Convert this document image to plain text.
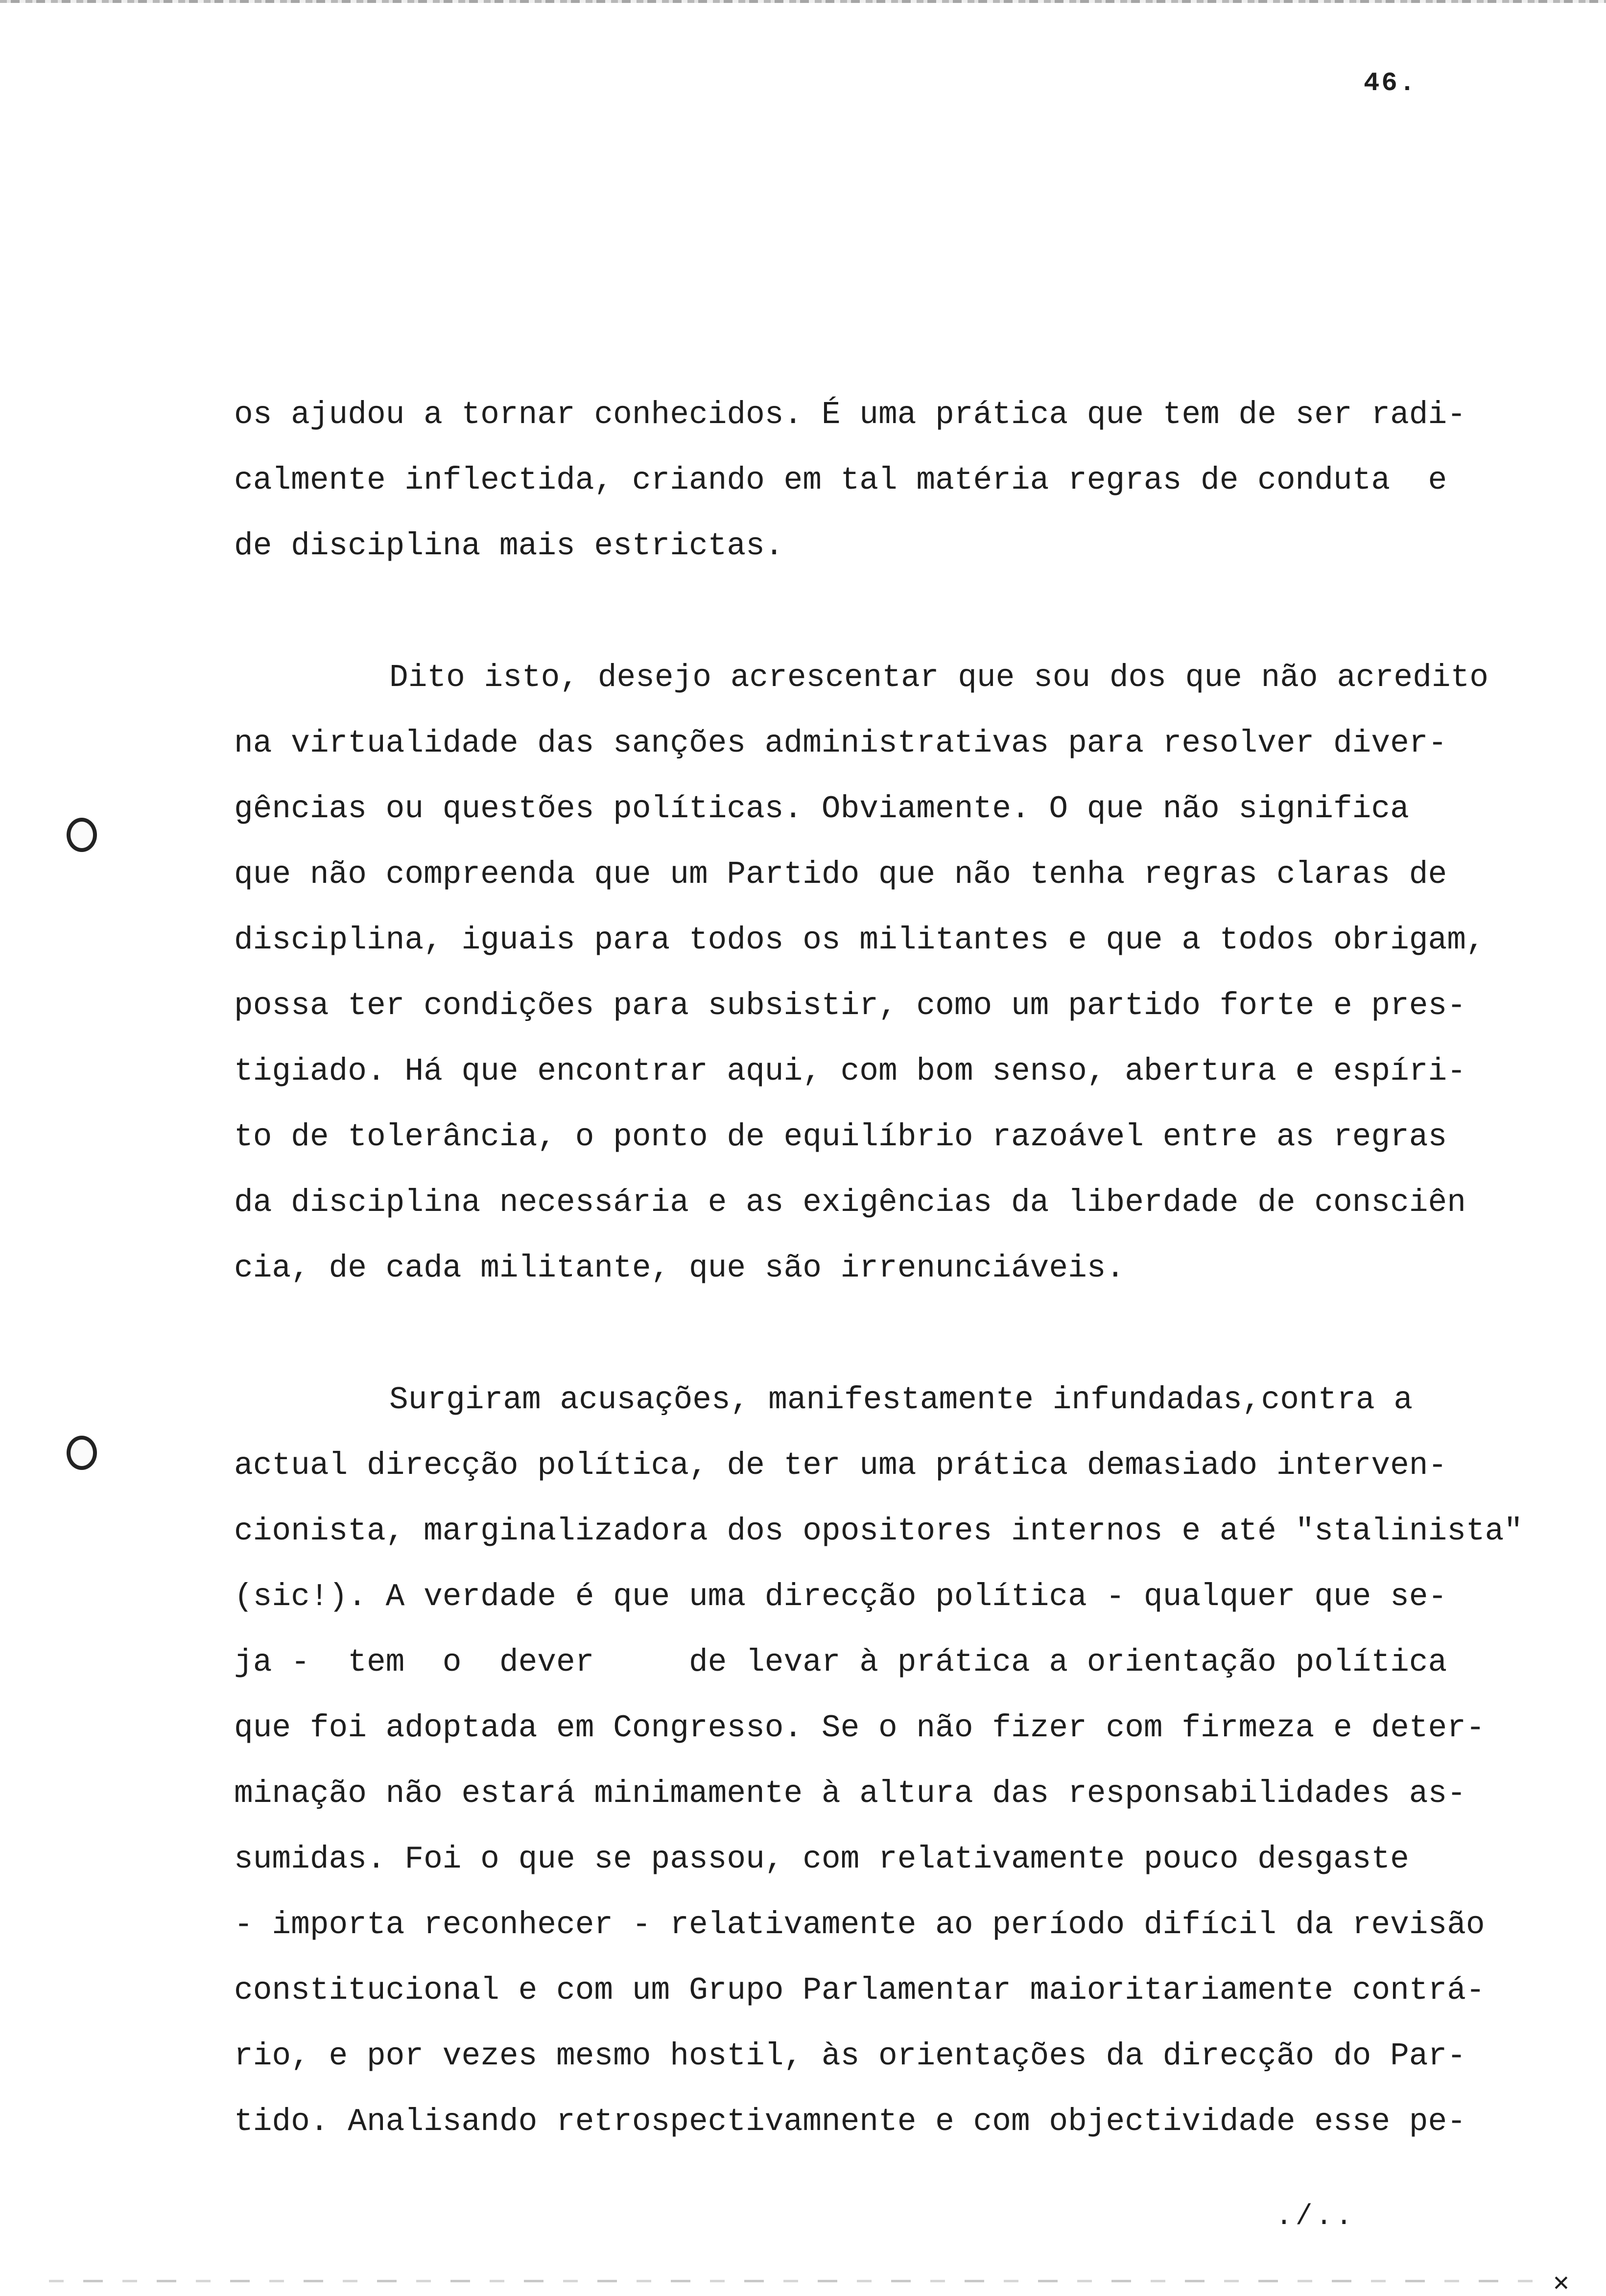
46.

os ajudou a tornar conhecidos. É uma prática que tem de ser radi-

calmente inflectida, criando em tal matéria regras de conduta  e

de disciplina mais estrictas.

Dito isto, desejo acrescentar que sou dos que não acredito

na virtualidade das sanções administrativas para resolver diver-

gências ou questões políticas. Obviamente. O que não significa

que não compreenda que um Partido que não tenha regras claras de

disciplina, iguais para todos os militantes e que a todos obrigam,

possa ter condições para subsistir, como um partido forte e pres-

tigiado. Há que encontrar aqui, com bom senso, abertura e espíri-

to de tolerância, o ponto de equilíbrio razoável entre as regras

da disciplina necessária e as exigências da liberdade de consciên

cia, de cada militante, que são irrenunciáveis.

Surgiram acusações, manifestamente infundadas,contra a

actual direcção política, de ter uma prática demasiado interven-

cionista, marginalizadora dos opositores internos e até "stalinista"

(sic!). A verdade é que uma direcção política - qualquer que se-

ja -  tem  o  dever     de levar à prática a orientação política

que foi adoptada em Congresso. Se o não fizer com firmeza e deter-

minação não estará minimamente à altura das responsabilidades as-

sumidas. Foi o que se passou, com relativamente pouco desgaste

- importa reconhecer - relativamente ao período difícil da revisão

constitucional e com um Grupo Parlamentar maioritariamente contrá-

rio, e por vezes mesmo hostil, às orientações da direcção do Par-

tido. Analisando retrospectivamnente e com objectividade esse pe-

./..
✕
